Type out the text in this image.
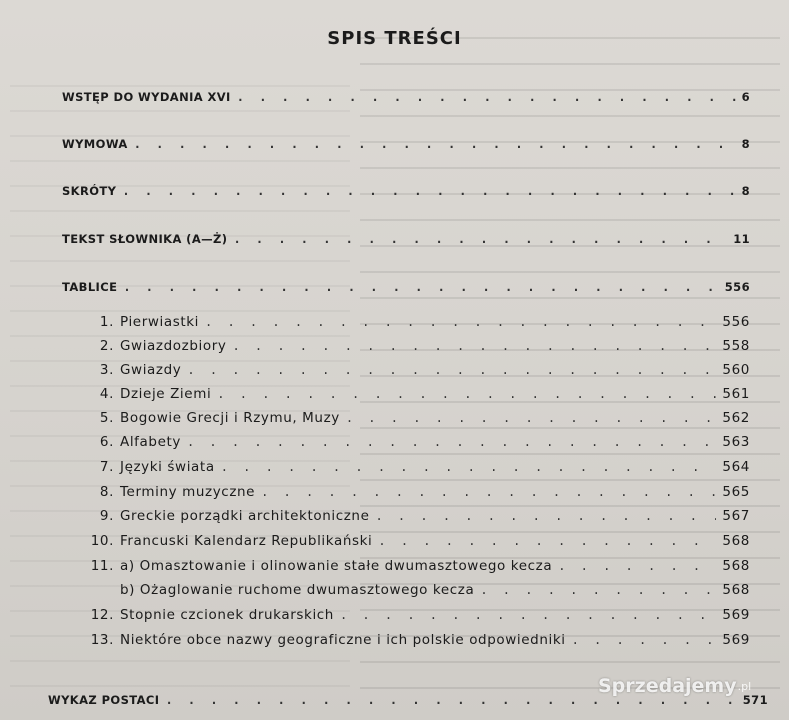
SPIS TREŚCI
WSTĘP DO WYDANIA XVI . . .	6
WYMOWA . . .	8
SKRÓTY . . .	8
TEKST SŁOWNIKA (A—Ż) . . .	11
TABLICE . . .	556
1. Pierwiastki . . .	556
2. Gwiazdozbiory . . .	558
3. Gwiazdy . . .	560
4. Dzieje Ziemi . . .	561
5. Bogowie Grecji i Rzymu, Muzy . . .	562
6. Alfabety . . .	563
7. Języki świata . . .	564
8. Terminy muzyczne . . .	565
9. Greckie porządki architektoniczne . . .	567
10. Francuski Kalendarz Republikański . . .	568
11. a) Omasztowanie i olinowanie stałe dwumasztowego kecza . . .	568
b) Ożaglowanie ruchome dwumasztowego kecza . . .	568
12. Stopnie czcionek drukarskich . . .	569
13. Niektóre obce nazwy geograficzne i ich polskie odpowiedniki . . .	569
WYKAZ POSTACI . . .	571
Sprzedajemy .pl
